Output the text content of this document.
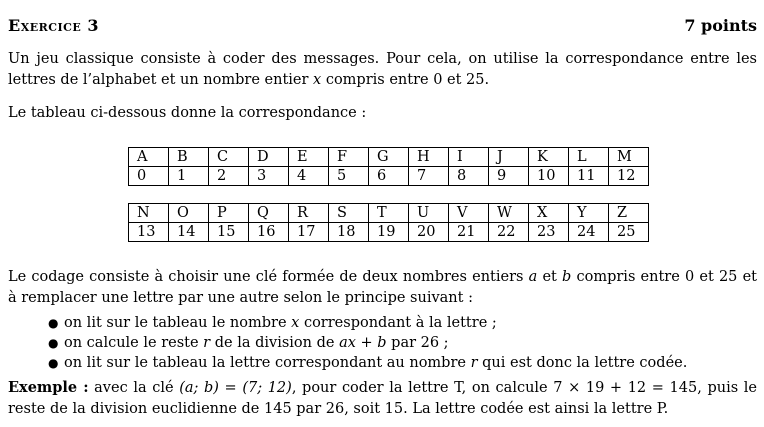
Exercice 3	7 points
Un jeu classique consiste à coder des messages. Pour cela, on utilise la correspondance entre les lettres de l’alphabet et un nombre entier x compris entre 0 et 25.
Le tableau ci-dessous donne la correspondance :
A	B	C	D	E	F	G	H	I	J	K	L	M
0	1	2	3	4	5	6	7	8	9	10	11	12
N	O	P	Q	R	S	T	U	V	W	X	Y	Z
13	14	15	16	17	18	19	20	21	22	23	24	25
Le codage consiste à choisir une clé formée de deux nombres entiers a et b compris entre 0 et 25 et à remplacer une lettre par une autre selon le principe suivant :
● on lit sur le tableau le nombre x correspondant à la lettre ;
● on calcule le reste r de la division de ax + b par 26 ;
● on lit sur le tableau la lettre correspondant au nombre r qui est donc la lettre codée.
Exemple : avec la clé (a; b) = (7; 12), pour coder la lettre T, on calcule 7 × 19 + 12 = 145, puis le reste de la division euclidienne de 145 par 26, soit 15. La lettre codée est ainsi la lettre P.
